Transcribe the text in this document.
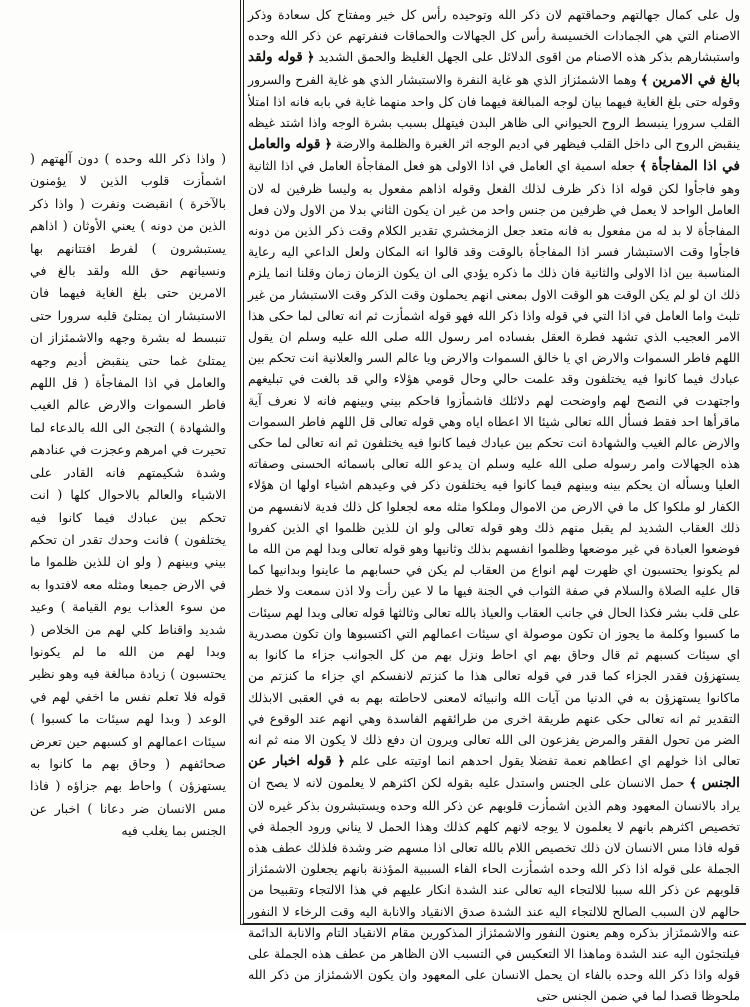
( واذا ذكر الله وحده ) دون آلهتهم ( اشمأزت قلوب الذين لا يؤمنون بالآخرة ) انقبضت ونفرت ( واذا ذكر الذين من دونه ) يعني الأوثان ( اذاهم يستبشرون ) لفرط افتتانهم بها ونسيانهم حق الله ولقد بالغ في الامرين حتى بلغ الغاية فيهما فان الاستبشار ان يمتلئ قلبه سرورا حتى تنبسط له بشرة وجهه والاشمئزاز ان يمتلئ غما حتى ينقبض أديم وجهه والعامل في اذا المفاجأة ( قل اللهم فاطر السموات والارض عالم الغيب والشهادة ) التجئ الى الله بالدعاء لما تحيرت في امرهم وعجزت في عنادهم وشدة شكيمتهم فانه القادر على الاشياء والعالم بالاحوال كلها ( انت تحكم بين عبادك فيما كانوا فيه يختلفون ) فانت وحدك تقدر ان تحكم بيني وبينهم ( ولو ان للذين ظلموا ما في الارض جميعا ومثله معه لافتدوا به من سوء العذاب يوم القيامة ) وعيد شديد واقناط كلي لهم من الخلاص ( وبدا لهم من الله ما لم يكونوا يحتسبون ) زيادة مبالغة فيه وهو نظير قوله فلا تعلم نفس ما اخفي لهم في الوعد ( وبدا لهم سيئات ما كسبوا ) سيئات اعمالهم او كسبهم حين تعرض صحائفهم ( وحاق بهم ما كانوا به يستهزؤن ) واحاط بهم جزاؤه ( فاذا مس الانسان ضر دعانا ) اخبار عن الجنس بما يغلب فيه

ول على كمال جهالتهم وحماقتهم لان ذكر الله وتوحيده رأس كل خير ومفتاح كل سعادة وذكر الاصنام التي هي الجمادات الخسيسة رأس كل الجهالات والحماقات فنفرتهم عن ذكر الله وحده واستبشارهم بذكر هذه الاصنام من اقوى الدلائل على الجهل الغليظ والحمق الشديد ﴿ قوله ولقد بالغ في الامرين ﴾ وهما الاشمئزاز الذي هو غاية النفرة والاستبشار الذي هو غاية الفرح والسرور وقوله حتى بلغ الغاية فيهما بيان لوجه المبالغة فيهما فان كل واحد منهما غاية في بابه فانه اذا امتلأ القلب سرورا ينبسط الروح الحيواني الى ظاهر البدن فيتهلل بسبب بشرة الوجه واذا اشتد غيظه ينقبض الروح الى داخل القلب فيظهر في اديم الوجه اثر الغبرة والظلمة والارضة ﴿ قوله والعامل في اذا المفاجأة ﴾ جعله اسمية اي العامل في اذا الاولى هو فعل المفاجأة العامل في اذا الثانية وهو فاجأوا لكن قوله اذا ذكر ظرف لذلك الفعل وقوله اذاهم مفعول به وليسا ظرفين له لان العامل الواحد لا يعمل في ظرفين من جنس واحد من غير ان يكون الثاني بدلا من الاول ولان فعل المفاجأة لا بد له من مفعول به فانه متعد جعل الزمخشري تقدير الكلام وقت ذكر الذين من دونه فاجأوا وقت الاستبشار فسر اذا المفاجأة بالوقت وقد قالوا انه المكان ولعل الداعي اليه رعاية المناسبة بين اذا الاولى والثانية فان ذلك ما ذكره يؤدي الى ان يكون الزمان زمان وقلنا انما يلزم ذلك ان لو لم يكن الوقت هو الوقت الاول بمعنى انهم يحملون وقت الذكر وقت الاستبشار من غير تلبث واما العامل في اذا التي في قوله واذا ذكر الله فهو قوله اشمأزت ثم انه تعالى لما حكى هذا الامر العجيب الذي تشهد فطرة العقل بفساده امر رسول الله صلى الله عليه وسلم ان يقول اللهم فاطر السموات والارض اي يا خالق السموات والارض ويا عالم السر والعلانية انت تحكم بين عبادك فيما كانوا فيه يختلفون وقد علمت حالي وحال قومي هؤلاء والي قد بالغت في تبليغهم واجتهدت في النصح لهم واوضحت لهم دلائلك فاشمأزوا فاحكم بيني وبينهم فانه لا نعرف آية ماقرأها احد فقط فسأل الله تعالى شيئا الا اعطاه اياه وهي قوله تعالى قل اللهم فاطر السموات والارض عالم الغيب والشهادة انت تحكم بين عبادك فيما كانوا فيه يختلفون ثم انه تعالى لما حكى هذه الجهالات وامر رسوله صلى الله عليه وسلم ان يدعو الله تعالى باسمائه الحسنى وصفاته العليا وبسأله ان يحكم بينه وبينهم فيما كانوا فيه يختلفون ذكر في وعيدهم اشياء اولها ان هؤلاء الكفار لو ملكوا كل ما في الارض من الاموال وملكوا مثله معه لجعلوا كل ذلك فدية لانفسهم من ذلك العقاب الشديد لم يقبل منهم ذلك وهو قوله تعالى ولو ان للذين ظلموا اي الذين كفروا فوضعوا العبادة في غير موضعها وظلموا انفسهم بذلك وثانيها وهو قوله تعالى وبدا لهم من الله ما لم يكونوا يحتسبون اي ظهرت لهم انواع من العقاب لم يكن في حسابهم ما عاينوا وبدانيها كما قال عليه الصلاة والسلام في صفة الثواب في الجنة فيها ما لا عين رأت ولا اذن سمعت ولا خطر على قلب بشر فكذا الحال في جانب العقاب والعياذ بالله تعالى وثالثها قوله تعالى وبدا لهم سيئات ما كسبوا وكلمة ما يجوز ان تكون موصولة اي سيئات اعمالهم التي اكتسبوها وان تكون مصدرية اي سيئات كسبهم ثم قال وحاق بهم اي احاط ونزل بهم من كل الجوانب جزاء ما كانوا به يستهزؤن فقدر الجزاء كما قدر في قوله تعالى هذا ما كنزتم لانفسكم اي جزاء ما كنزتم من ماكانوا يستهزؤن به في الدنيا من آيات الله وانبيائه لامعنى لاحاطته بهم به في العقبى الابذلك التقدير ثم انه تعالى حكى عنهم طريقة اخرى من طرائقهم الفاسدة وهي انهم عند الوقوع في الضر من تحول الفقر والمرض يفزعون الى الله تعالى ويرون ان دفع ذلك لا يكون الا منه ثم انه تعالى اذا خولهم اي اعطاهم نعمة تفضلا يقول احدهم انما اوتيته على علم ﴿ قوله اخبار عن الجنس ﴾ حمل الانسان على الجنس واستدل عليه بقوله لكن اكثرهم لا يعلمون لانه لا يصح ان يراد بالانسان المعهود وهم الذين اشمأزت قلوبهم عن ذكر الله وحده ويستبشرون بذكر غيره لان تخصيص اكثرهم بانهم لا يعلمون لا يوجه لانهم كلهم كذلك وهذا الحمل لا يناني ورود الجملة في قوله فاذا مس الانسان لان ذلك تخصيص اللام بالله تعالى اذا مسهم ضر وشدة فلذلك عطف هذه الجملة على قوله اذا ذكر الله وحده اشمأزت الحاء الفاء السببية المؤذنة بانهم يجعلون الاشمئزاز قلوبهم عن ذكر الله سببا للالتجاء اليه تعالى عند الشدة انكار عليهم في هذا الالتجاء وتقبيحا من حالهم لان السبب الصالح للالتجاء اليه عند الشدة صدق الانقياد والانابة اليه وقت الرخاء لا النفور عنه والاشمئزاز بذكره وهم يعنون النفور والاشمئزاز المذكورين مقام الانقياد التام والانابة الدائمة فيلتجئون اليه عند الشدة وماهذا الا التعكيس في التسبب الان الظاهر من عطف هذه الجملة على قوله واذا ذكر الله وحده بالفاء ان يحمل الانسان على المعهود وان يكون الاشمئزاز من ذكر الله ملحوظا قصدا لما في ضمن الجنس حتى
